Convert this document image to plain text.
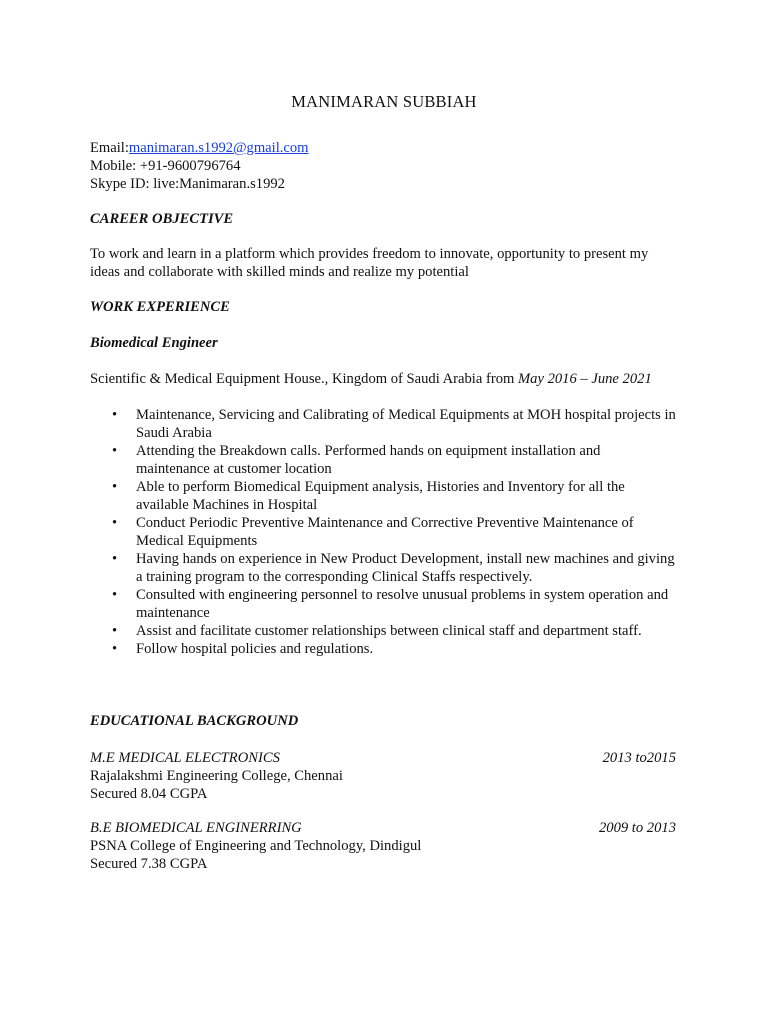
MANIMARAN SUBBIAH
Email:manimaran.s1992@gmail.com
Mobile: +91-9600796764
Skype ID: live:Manimaran.s1992
CAREER OBJECTIVE
To work and learn in a platform which provides freedom to innovate, opportunity to present my
ideas and collaborate with skilled minds and realize my potential
WORK EXPERIENCE
Biomedical Engineer
Scientific & Medical Equipment House., Kingdom of Saudi Arabia from May 2016 – June 2021
• Maintenance, Servicing and Calibrating of Medical Equipments at MOH hospital projects in Saudi Arabia
• Attending the Breakdown calls. Performed hands on equipment installation and maintenance at customer location
• Able to perform Biomedical Equipment analysis, Histories and Inventory for all the available Machines in Hospital
• Conduct Periodic Preventive Maintenance and Corrective Preventive Maintenance of Medical Equipments
• Having hands on experience in New Product Development, install new machines and giving a training program to the corresponding Clinical Staffs respectively.
• Consulted with engineering personnel to resolve unusual problems in system operation and maintenance
• Assist and facilitate customer relationships between clinical staff and department staff.
• Follow hospital policies and regulations.
EDUCATIONAL BACKGROUND
M.E MEDICAL ELECTRONICS	2013 to2015
Rajalakshmi Engineering College, Chennai
Secured 8.04 CGPA
B.E BIOMEDICAL ENGINERRING	2009 to 2013
PSNA College of Engineering and Technology, Dindigul
Secured 7.38 CGPA
